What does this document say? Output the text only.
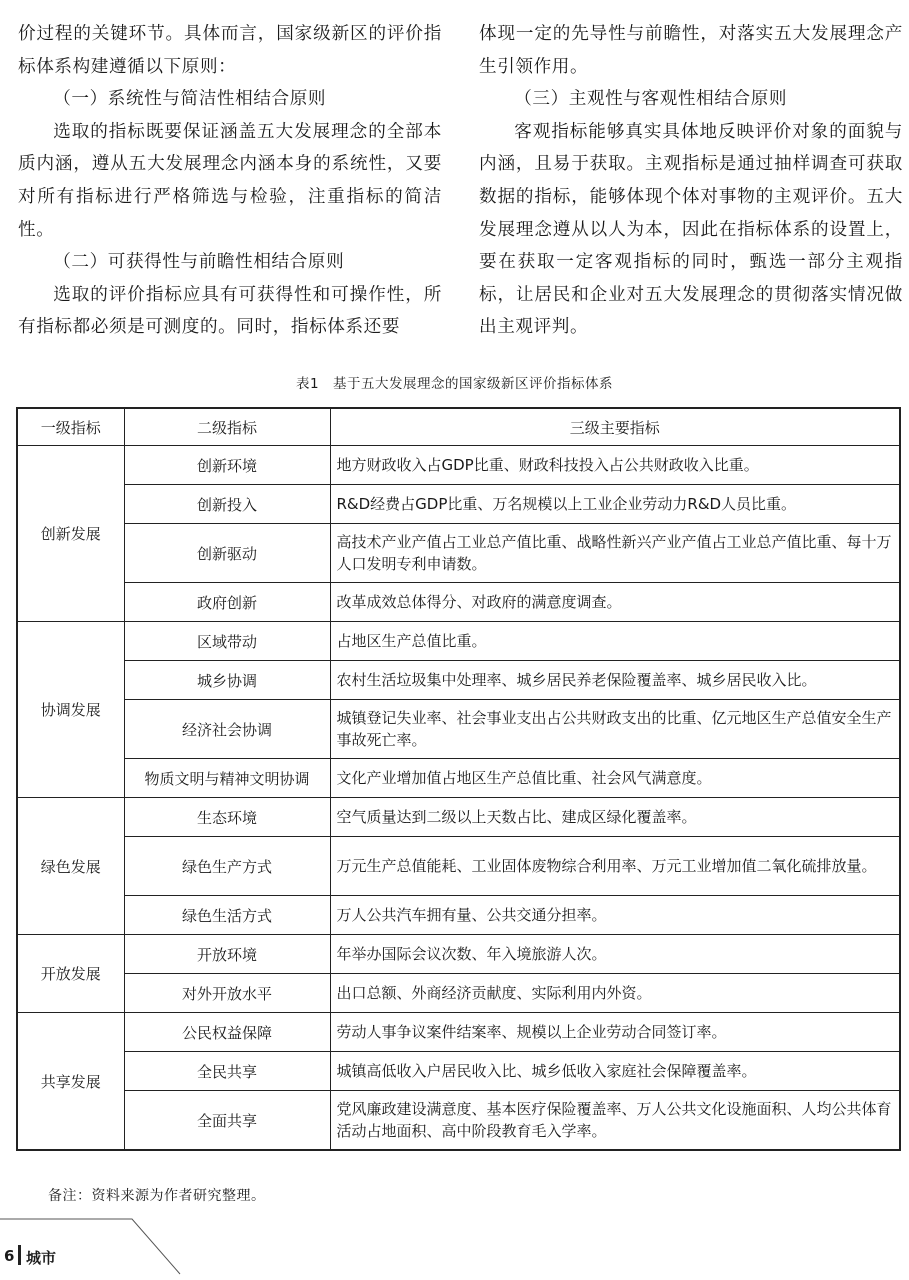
价过程的关键环节。具体而言，国家级新区的评价指标体系构建遵循以下原则：

（一）系统性与简洁性相结合原则

选取的指标既要保证涵盖五大发展理念的全部本质内涵，遵从五大发展理念内涵本身的系统性，又要对所有指标进行严格筛选与检验，注重指标的简洁性。

（二）可获得性与前瞻性相结合原则

选取的评价指标应具有可获得性和可操作性，所有指标都必须是可测度的。同时，指标体系还要

体现一定的先导性与前瞻性，对落实五大发展理念产生引领作用。

（三）主观性与客观性相结合原则

客观指标能够真实具体地反映评价对象的面貌与内涵，且易于获取。主观指标是通过抽样调查可获取数据的指标，能够体现个体对事物的主观评价。五大发展理念遵从以人为本，因此在指标体系的设置上，要在获取一定客观指标的同时，甄选一部分主观指标，让居民和企业对五大发展理念的贯彻落实情况做出主观评判。

表1　基于五大发展理念的国家级新区评价指标体系
一级指标	二级指标	三级主要指标
创新发展	创新环境	地方财政收入占GDP比重、财政科技投入占公共财政收入比重。
	创新投入	R&D经费占GDP比重、万名规模以上工业企业劳动力R&D人员比重。
	创新驱动	高技术产业产值占工业总产值比重、战略性新兴产业产值占工业总产值比重、每十万人口发明专利申请数。
	政府创新	改革成效总体得分、对政府的满意度调查。
协调发展	区域带动	占地区生产总值比重。
	城乡协调	农村生活垃圾集中处理率、城乡居民养老保险覆盖率、城乡居民收入比。
	经济社会协调	城镇登记失业率、社会事业支出占公共财政支出的比重、亿元地区生产总值安全生产事故死亡率。
	物质文明与精神文明协调	文化产业增加值占地区生产总值比重、社会风气满意度。
绿色发展	生态环境	空气质量达到二级以上天数占比、建成区绿化覆盖率。
	绿色生产方式	万元生产总值能耗、工业固体废物综合利用率、万元工业增加值二氧化硫排放量。
	绿色生活方式	万人公共汽车拥有量、公共交通分担率。
开放发展	开放环境	年举办国际会议次数、年入境旅游人次。
	对外开放水平	出口总额、外商经济贡献度、实际利用内外资。
共享发展	公民权益保障	劳动人事争议案件结案率、规模以上企业劳动合同签订率。
	全民共享	城镇高低收入户居民收入比、城乡低收入家庭社会保障覆盖率。
	全面共享	党风廉政建设满意度、基本医疗保险覆盖率、万人公共文化设施面积、人均公共体育活动占地面积、高中阶段教育毛入学率。
备注：资料来源为作者研究整理。
6 城市
